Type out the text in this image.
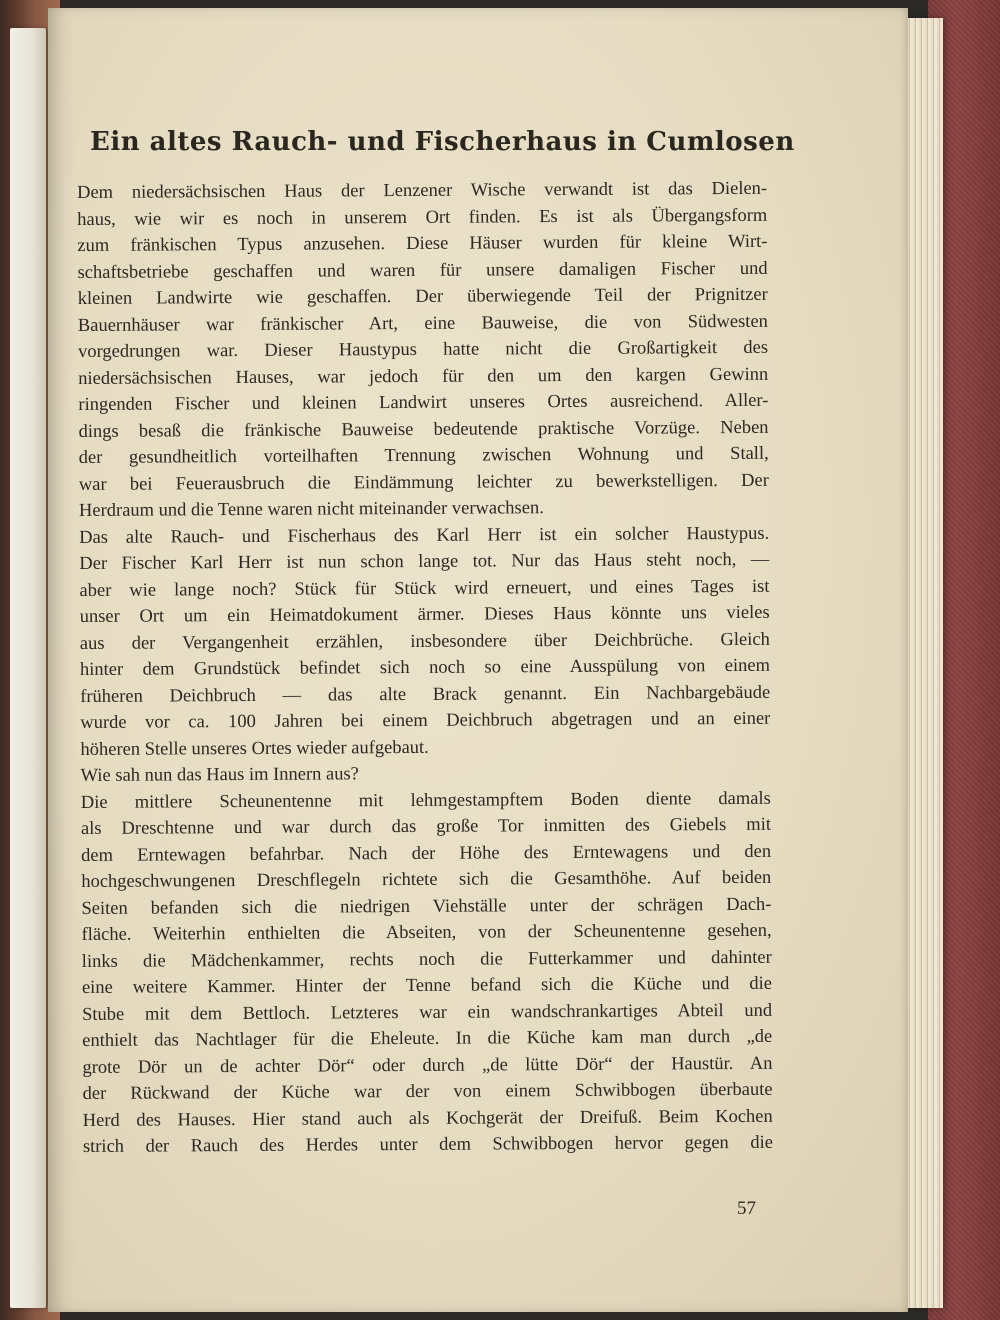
Ein altes Rauch- und Fischerhaus in Cumlosen
Dem niedersächsischen Haus der Lenzener Wische verwandt ist das Dielen-
haus, wie wir es noch in unserem Ort finden. Es ist als Übergangsform
zum fränkischen Typus anzusehen. Diese Häuser wurden für kleine Wirt-
schaftsbetriebe geschaffen und waren für unsere damaligen Fischer und
kleinen Landwirte wie geschaffen. Der überwiegende Teil der Prignitzer
Bauernhäuser war fränkischer Art, eine Bauweise, die von Südwesten
vorgedrungen war. Dieser Haustypus hatte nicht die Großartigkeit des
niedersächsischen Hauses, war jedoch für den um den kargen Gewinn
ringenden Fischer und kleinen Landwirt unseres Ortes ausreichend. Aller-
dings besaß die fränkische Bauweise bedeutende praktische Vorzüge. Neben
der gesundheitlich vorteilhaften Trennung zwischen Wohnung und Stall,
war bei Feuerausbruch die Eindämmung leichter zu bewerkstelligen. Der
Herdraum und die Tenne waren nicht miteinander verwachsen.
Das alte Rauch- und Fischerhaus des Karl Herr ist ein solcher Haustypus.
Der Fischer Karl Herr ist nun schon lange tot. Nur das Haus steht noch, —
aber wie lange noch? Stück für Stück wird erneuert, und eines Tages ist
unser Ort um ein Heimatdokument ärmer. Dieses Haus könnte uns vieles
aus der Vergangenheit erzählen, insbesondere über Deichbrüche. Gleich
hinter dem Grundstück befindet sich noch so eine Ausspülung von einem
früheren Deichbruch — das alte Brack genannt. Ein Nachbargebäude
wurde vor ca. 100 Jahren bei einem Deichbruch abgetragen und an einer
höheren Stelle unseres Ortes wieder aufgebaut.
Wie sah nun das Haus im Innern aus?
Die mittlere Scheunentenne mit lehmgestampftem Boden diente damals
als Dreschtenne und war durch das große Tor inmitten des Giebels mit
dem Erntewagen befahrbar. Nach der Höhe des Erntewagens und den
hochgeschwungenen Dreschflegeln richtete sich die Gesamthöhe. Auf beiden
Seiten befanden sich die niedrigen Viehställe unter der schrägen Dach-
fläche. Weiterhin enthielten die Abseiten, von der Scheunentenne gesehen,
links die Mädchenkammer, rechts noch die Futterkammer und dahinter
eine weitere Kammer. Hinter der Tenne befand sich die Küche und die
Stube mit dem Bettloch. Letzteres war ein wandschrankartiges Abteil und
enthielt das Nachtlager für die Eheleute. In die Küche kam man durch „de
grote Dör un de achter Dör“ oder durch „de lütte Dör“ der Haustür. An
der Rückwand der Küche war der von einem Schwibbogen überbaute
Herd des Hauses. Hier stand auch als Kochgerät der Dreifuß. Beim Kochen
strich der Rauch des Herdes unter dem Schwibbogen hervor gegen die
57
